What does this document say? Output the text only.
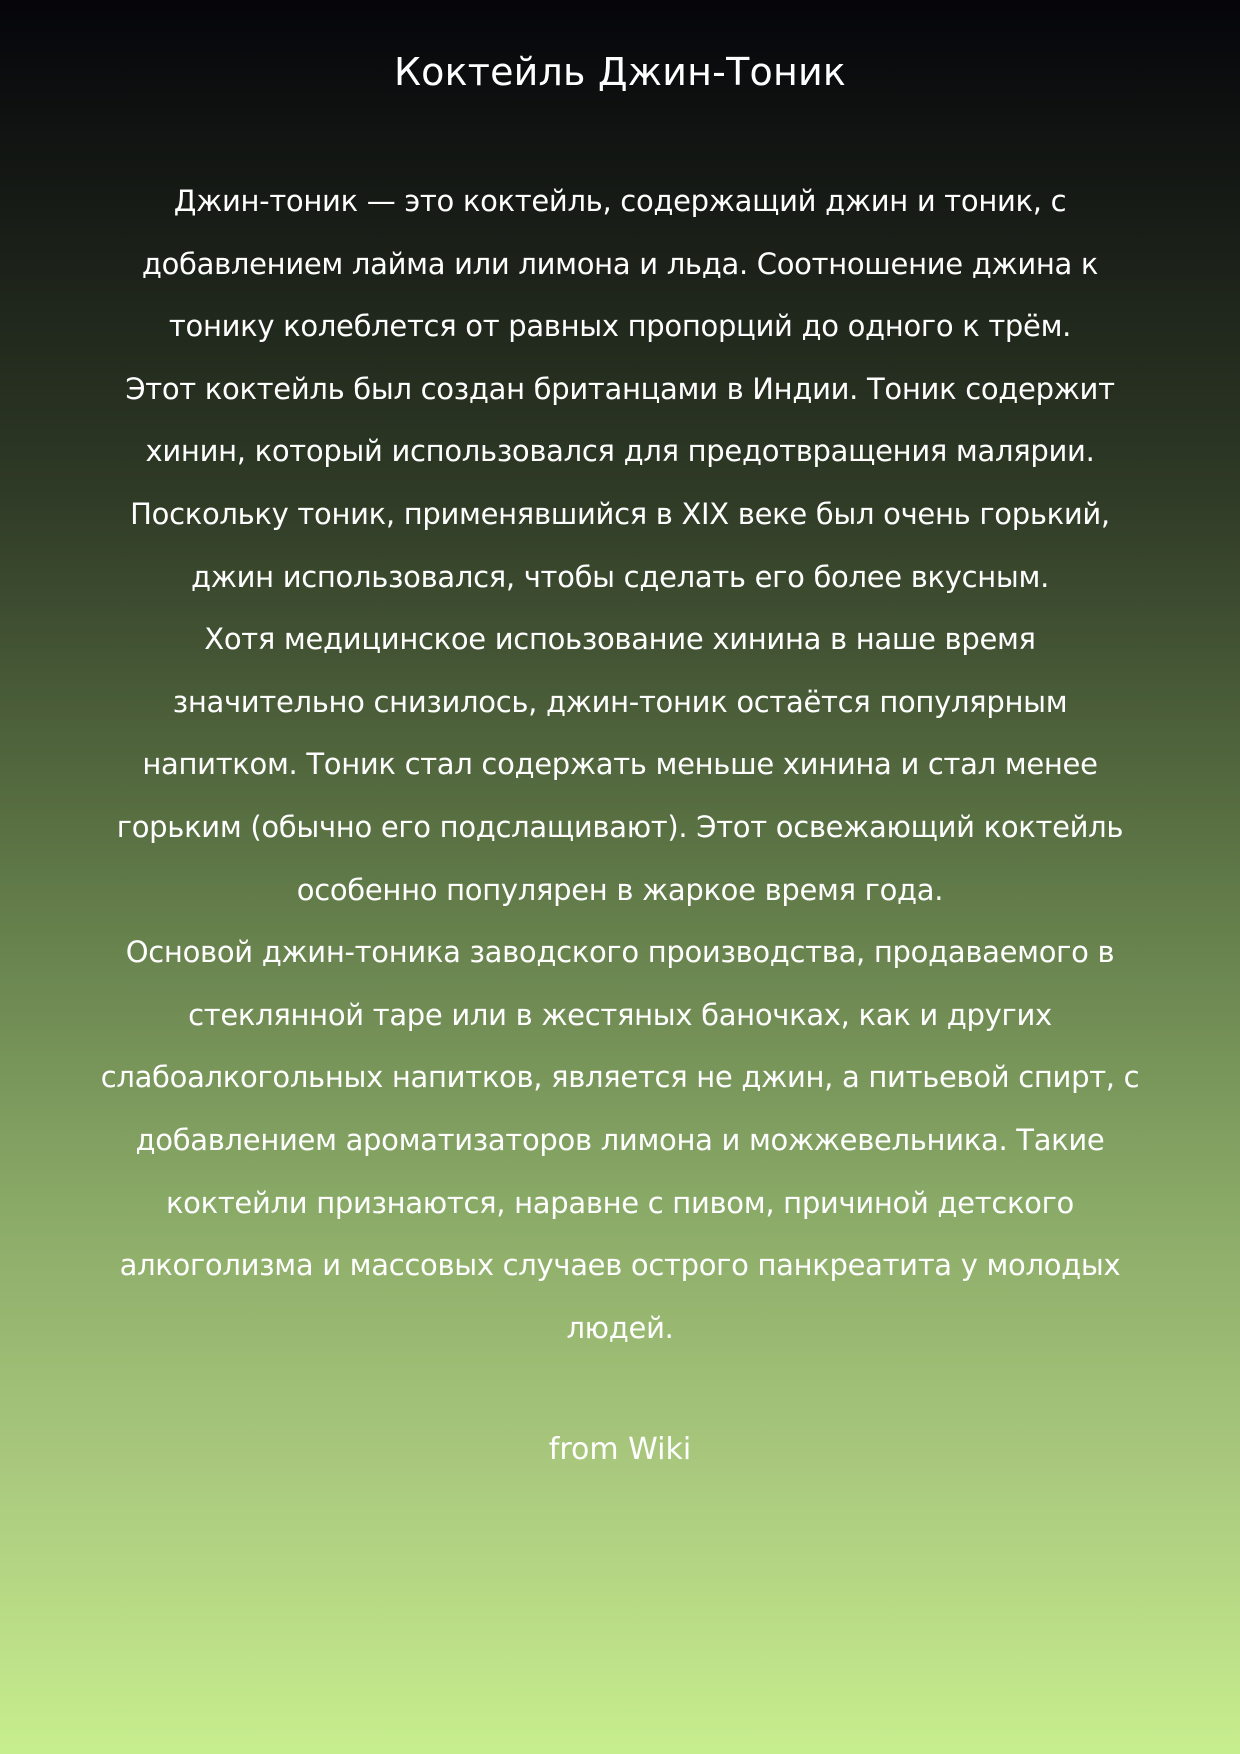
Коктейль Джин-Тоник
Джин-тоник — это коктейль, содержащий джин и тоник, с
добавлением лайма или лимона и льда. Соотношение джина к
тонику колеблется от равных пропорций до одного к трём.
Этот коктейль был создан британцами в Индии. Тоник содержит
хинин, который использовался для предотвращения малярии.
Поскольку тоник, применявшийся в XIX веке был очень горький,
джин использовался, чтобы сделать его более вкусным.
Хотя медицинское испоьзование хинина в наше время
значительно снизилось, джин-тоник остаётся популярным
напитком. Тоник стал содержать меньше хинина и стал менее
горьким (обычно его подслащивают). Этот освежающий коктейль
особенно популярен в жаркое время года.
Основой джин-тоника заводского производства, продаваемого в
стеклянной таре или в жестяных баночках, как и других
слабоалкогольных напитков, является не джин, а питьевой спирт, с
добавлением ароматизаторов лимона и можжевельника. Такие
коктейли признаются, наравне с пивом, причиной детского
алкоголизма и массовых случаев острого панкреатита у молодых
людей.
from Wiki
